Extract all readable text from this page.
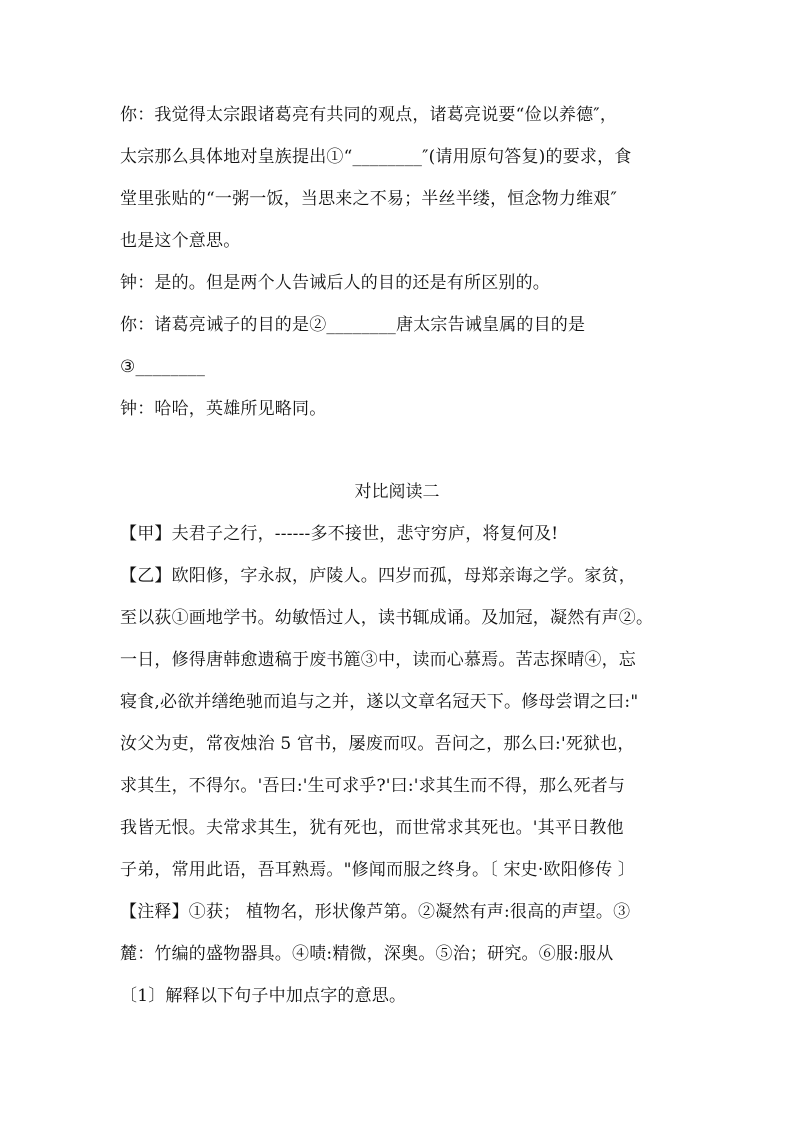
你：我觉得太宗跟诸葛亮有共同的观点，诸葛亮说要“俭以养德″，
太宗那么具体地对皇族提出①“________″(请用原句答复)的要求，食
堂里张贴的“一粥一饭，当思来之不易；半丝半缕，恒念物力维艰″
也是这个意思。
钟：是的。但是两个人告诫后人的目的还是有所区别的。
你：诸葛亮诫子的目的是②________唐太宗告诫皇属的目的是
③________
钟：哈哈，英雄所见略同。
对比阅读二
【甲】夫君子之行，------多不接世，悲守穷庐，将复何及!
【乙】欧阳修，字永叔，庐陵人。四岁而孤，母郑亲诲之学。家贫，
至以荻①画地学书。幼敏悟过人，读书辄成诵。及加冠，凝然有声②。
一日，修得唐韩愈遗稿于废书簏③中，读而心慕焉。苦志探晴④，忘
寝食,必欲并缮绝驰而追与之并，遂以文章名冠天下。修母尝谓之曰:"
汝父为吏，常夜烛治 5 官书，屡废而叹。吾问之，那么曰:'死狱也，
求其生，不得尔。'吾曰:'生可求乎?'曰:'求其生而不得，那么死者与
我皆无恨。夫常求其生，犹有死也，而世常求其死也。'其平日教他
子弟，常用此语，吾耳熟焉。"修闻而服之终身。〔 宋史·欧阳修传 〕
【注释】①获； 植物名，形状像芦第。②凝然有声:很高的声望。③
麓：竹编的盛物器具。④啧:精微，深奥。⑤治；研究。⑥服:服从
〔1〕解释以下句子中加点字的意思。
